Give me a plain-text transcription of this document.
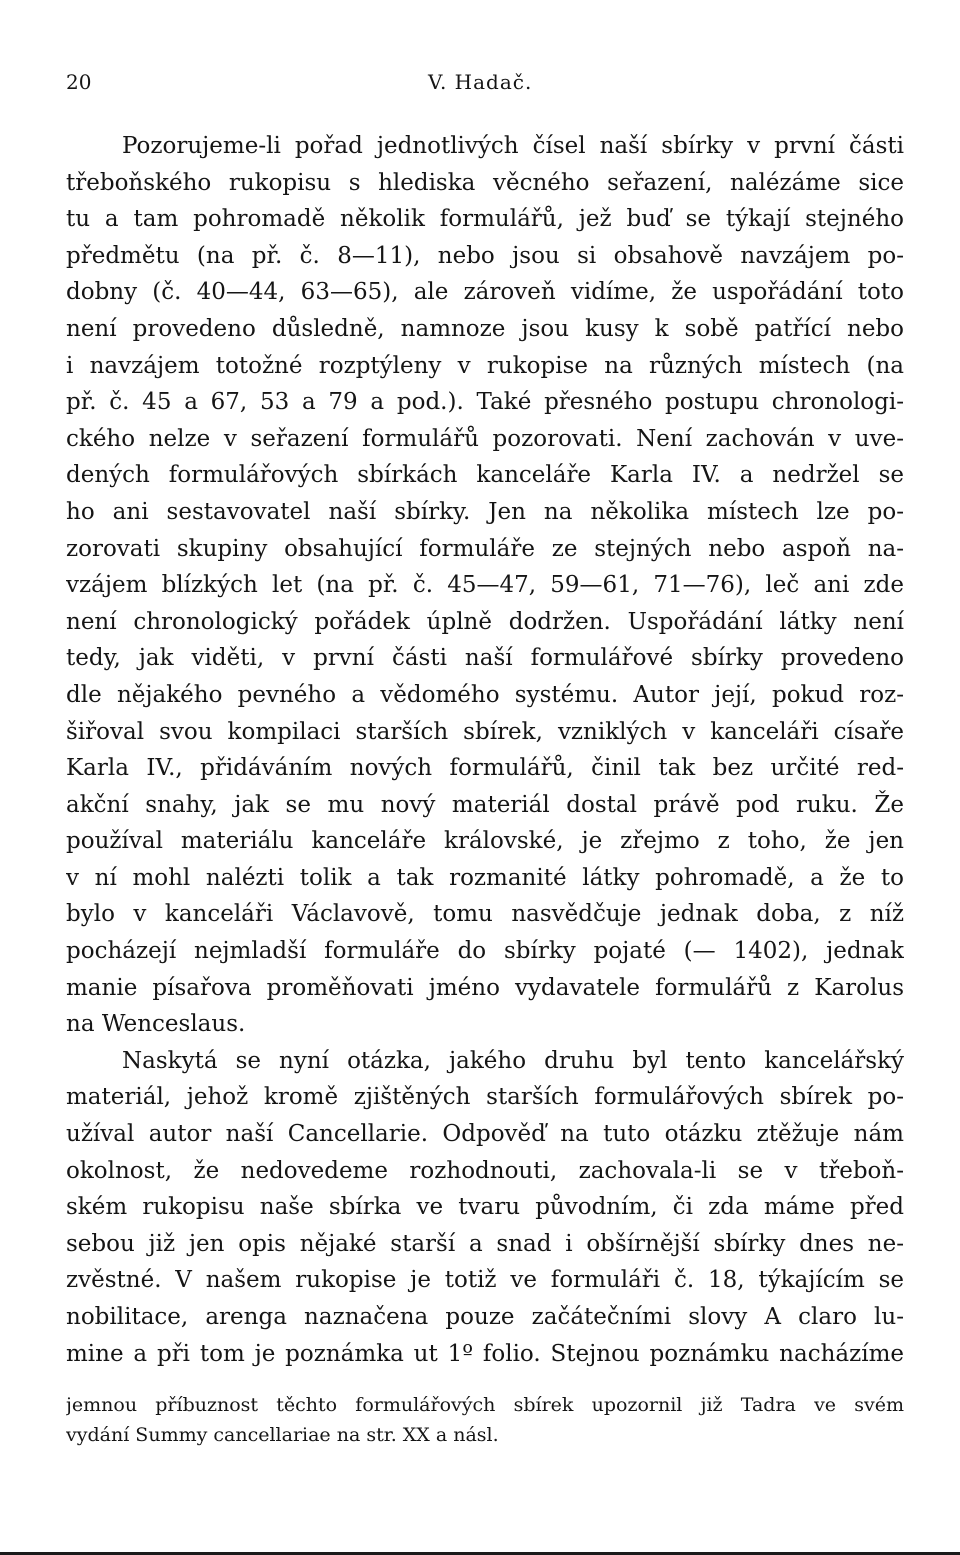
20	V. Hadač.
Pozorujeme-li pořad jednotlivých čísel naší sbírky v první části
třeboňského rukopisu s hlediska věcného seřazení, nalézáme sice
tu a tam pohromadě několik formulářů, jež buď se týkají stejného
předmětu (na př. č. 8—11), nebo jsou si obsahově navzájem po-
dobny (č. 40—44, 63—65), ale zároveň vidíme, že uspořádání toto
není provedeno důsledně, namnoze jsou kusy k sobě patřící nebo
i navzájem totožné rozptýleny v rukopise na různých místech (na
př. č. 45 a 67, 53 a 79 a pod.). Také přesného postupu chronologi-
ckého nelze v seřazení formulářů pozorovati. Není zachován v uve-
dených formulářových sbírkách kanceláře Karla IV. a nedržel se
ho ani sestavovatel naší sbírky. Jen na několika místech lze po-
zorovati skupiny obsahující formuláře ze stejných nebo aspoň na-
vzájem blízkých let (na př. č. 45—47, 59—61, 71—76), leč ani zde
není chronologický pořádek úplně dodržen. Uspořádání látky není
tedy, jak viděti, v první části naší formulářové sbírky provedeno
dle nějakého pevného a vědomého systému. Autor její, pokud roz-
šiřoval svou kompilaci starších sbírek, vzniklých v kanceláři císaře
Karla IV., přidáváním nových formulářů, činil tak bez určité red-
akční snahy, jak se mu nový materiál dostal právě pod ruku. Že
používal materiálu kanceláře královské, je zřejmo z toho, že jen
v ní mohl nalézti tolik a tak rozmanité látky pohromadě, a že to
bylo v kanceláři Václavově, tomu nasvědčuje jednak doba, z níž
pocházejí nejmladší formuláře do sbírky pojaté (— 1402), jednak
manie písařova proměňovati jméno vydavatele formulářů z Karolus
na Wenceslaus.
Naskytá se nyní otázka, jakého druhu byl tento kancelářský
materiál, jehož kromě zjištěných starších formulářových sbírek po-
užíval autor naší Cancellarie. Odpověď na tuto otázku ztěžuje nám
okolnost, že nedovedeme rozhodnouti, zachovala-li se v třeboň-
ském rukopisu naše sbírka ve tvaru původním, či zda máme před
sebou již jen opis nějaké starší a snad i obšírnější sbírky dnes ne-
zvěstné. V našem rukopise je totiž ve formuláři č. 18, týkajícím se
nobilitace, arenga naznačena pouze začátečními slovy A claro lu-
mine a při tom je poznámka ut 1º folio. Stejnou poznámku nacházíme
jemnou příbuznost těchto formulářových sbírek upozornil již Tadra ve svém
vydání Summy cancellariae na str. XX a násl.
